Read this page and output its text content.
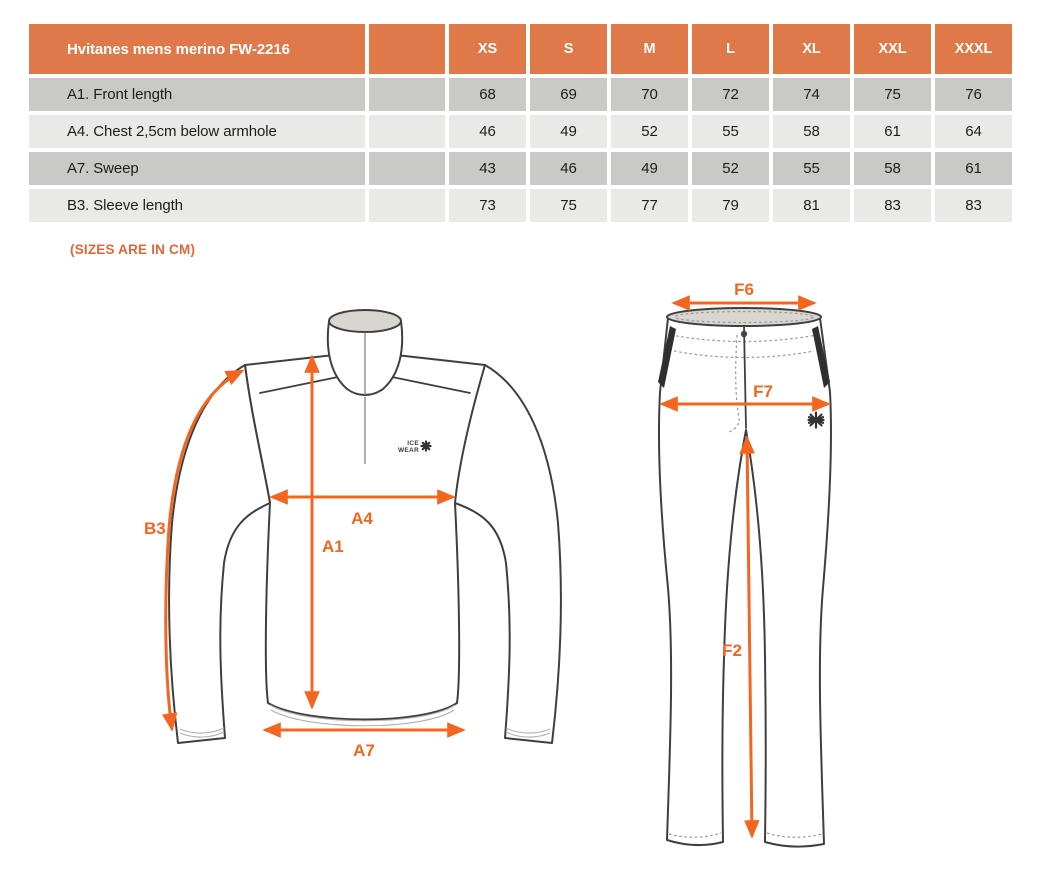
Hvitanes mens merino FW-2216	XS	S	M	L	XL	XXL	XXXL
A1. Front length	68	69	70	72	74	75	76
A4. Chest 2,5cm below armhole	46	49	52	55	58	61	64
A7. Sweep	43	46	49	52	55	58	61
B3. Sleeve length	73	75	77	79	81	83	83
(SIZES ARE IN CM)
ICE
WEAR
B3
A1
A4
A7
F6
F7
F2
